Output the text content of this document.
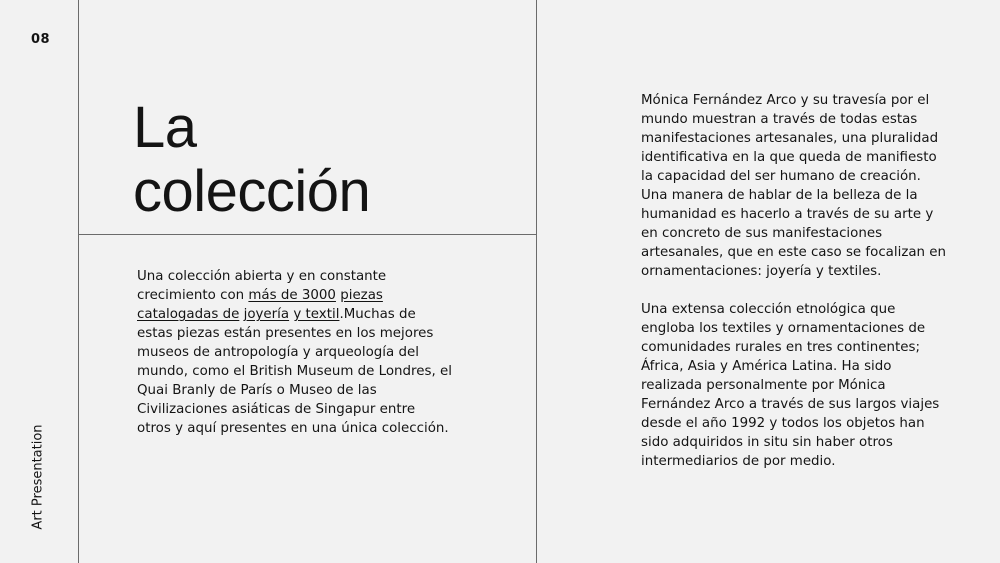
08
Art Presentation
La
colección

Una colección abierta y en constante crecimiento con más de 3000 piezas catalogadas de joyería y textil.Muchas de estas piezas están presentes en los mejores museos de antropología y arqueología del mundo, como el British Museum de Londres, el Quai Branly de París o Museo de las Civilizaciones asiáticas de Singapur entre otros y aquí presentes en una única colección.

Mónica Fernández Arco y su travesía por el mundo muestran a través de todas estas manifestaciones artesanales, una pluralidad identificativa en la que queda de manifiesto la capacidad del ser humano de creación. Una manera de hablar de la belleza de la humanidad es hacerlo a través de su arte y en concreto de sus manifestaciones artesanales, que en este caso se focalizan en ornamentaciones: joyería y textiles.

Una extensa colección etnológica que engloba los textiles y ornamentaciones de comunidades rurales en tres continentes; África, Asia y América Latina. Ha sido realizada personalmente por Mónica Fernández Arco a través de sus largos viajes desde el año 1992 y todos los objetos han sido adquiridos in situ sin haber otros intermediarios de por medio.
